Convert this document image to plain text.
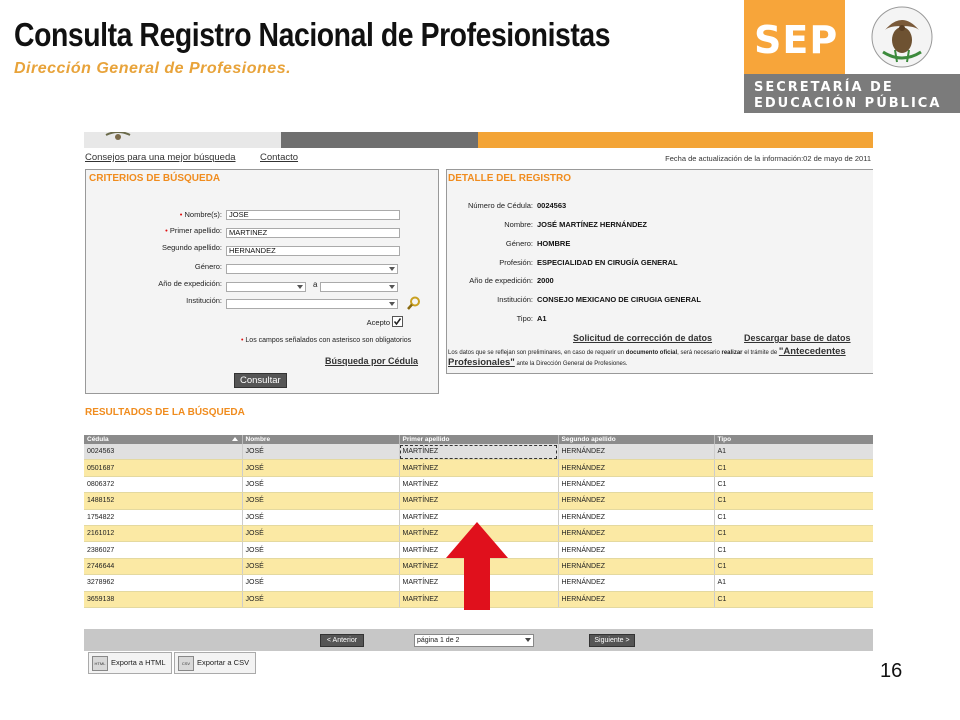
Consulta Registro Nacional de Profesionistas
Dirección General de Profesiones.
SEP
SECRETARÍA DE
EDUCACIÓN PÚBLICA
Consejos para una mejor búsqueda	Contacto	Fecha de actualización de la información:02 de mayo de 2011
CRITERIOS DE BÚSQUEDA
• Nombre(s): JOSE
• Primer apellido: MARTINEZ
Segundo apellido: HERNANDEZ
Género:
Año de expedición:	a
Institución:
Acepto
• Los campos señalados con asterisco son obligatorios
Búsqueda por Cédula
Consultar
DETALLE DEL REGISTRO
Número de Cédula: 0024563
Nombre: JOSÉ MARTÍNEZ HERNÁNDEZ
Género: HOMBRE
Profesión: ESPECIALIDAD EN CIRUGÍA GENERAL
Año de expedición: 2000
Institución: CONSEJO MEXICANO DE CIRUGIA GENERAL
Tipo: A1
Solicitud de corrección de datos	Descargar base de datos
Los datos que se reflejan son preliminares, en caso de requerir un documento oficial, será necesario realizar el trámite de "Antecedentes Profesionales" ante la Dirección General de Profesiones.
RESULTADOS DE LA BÚSQUEDA
Cédula	Nombre	Primer apellido	Segundo apellido	Tipo
0024563	JOSÉ	MARTÍNEZ	HERNÁNDEZ	A1
0501687	JOSÉ	MARTÍNEZ	HERNÁNDEZ	C1
0806372	JOSÉ	MARTÍNEZ	HERNÁNDEZ	C1
1488152	JOSÉ	MARTÍNEZ	HERNÁNDEZ	C1
1754822	JOSÉ	MARTÍNEZ	HERNÁNDEZ	C1
2161012	JOSÉ	MARTÍNEZ	HERNÁNDEZ	C1
2386027	JOSÉ	MARTÍNEZ	HERNÁNDEZ	C1
2746644	JOSÉ	MARTÍNEZ	HERNÁNDEZ	C1
3278962	JOSÉ	MARTÍNEZ	HERNÁNDEZ	A1
3659138	JOSÉ	MARTÍNEZ	HERNÁNDEZ	C1
< Anterior	página 1 de 2	Siguiente >
HTML Exporta a HTML	CSV Exportar a CSV	16
